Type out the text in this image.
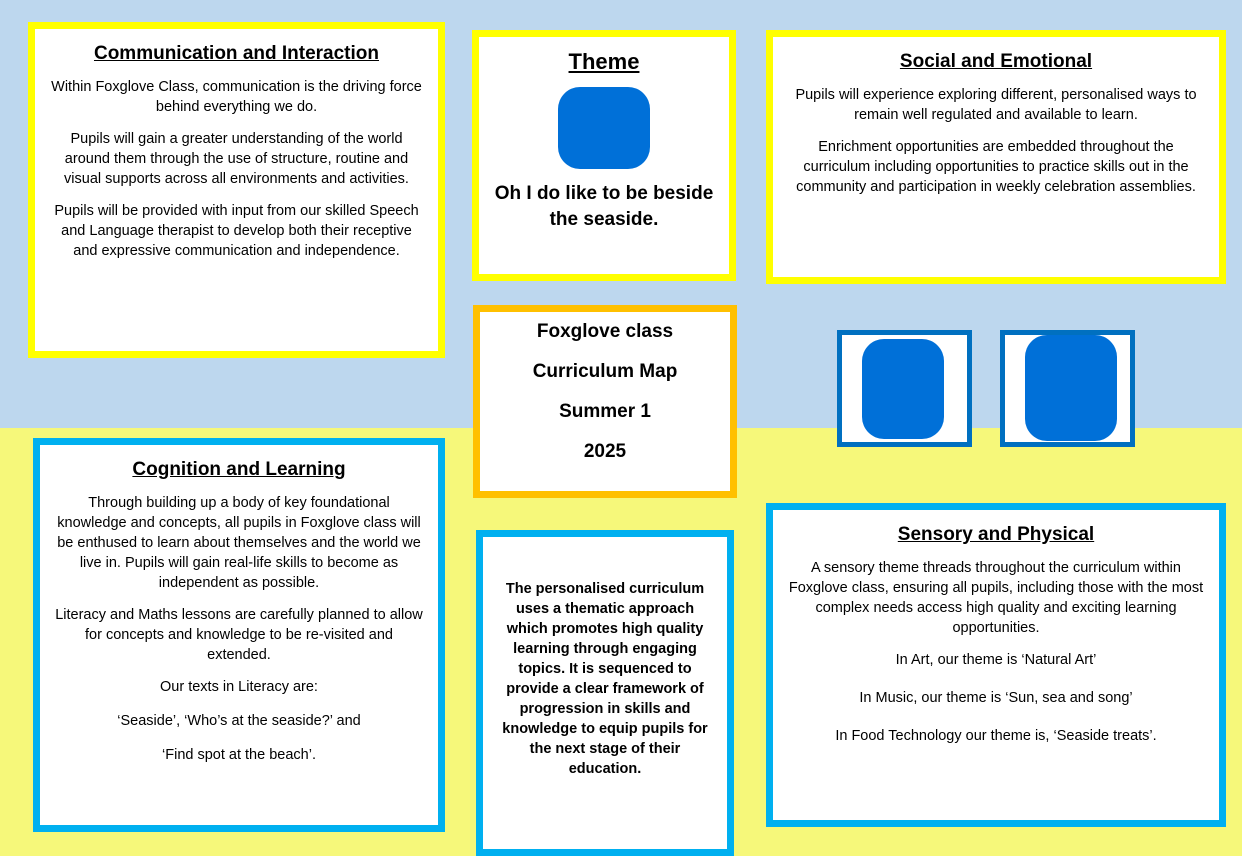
Communication and Interaction

Within Foxglove Class, communication is the driving force behind everything we do.

Pupils will gain a greater understanding of the world around them through the use of structure, routine and visual supports across all environments and activities.

Pupils will be provided with input from our skilled Speech and Language therapist to develop both their receptive and expressive communication and independence.

Theme

Oh I do like to be beside the seaside.

Social and Emotional

Pupils will experience exploring different, personalised ways to remain well regulated and available to learn.

Enrichment opportunities are embedded throughout the curriculum including opportunities to practice skills out in the community and participation in weekly celebration assemblies.

Foxglove class

Curriculum Map

Summer 1

2025

Cognition and Learning

Through building up a body of key foundational knowledge and concepts, all pupils in Foxglove class will be enthused to learn about themselves and the world we live in. Pupils will gain real-life skills to become as independent as possible.

Literacy and Maths lessons are carefully planned to allow for concepts and knowledge to be re-visited and extended.

Our texts in Literacy are:

‘Seaside’, ‘Who’s at the seaside?’ and

‘Find spot at the beach’.

The personalised curriculum uses a thematic approach which promotes high quality learning through engaging topics. It is sequenced to provide a clear framework of progression in skills and knowledge to equip pupils for the next stage of their education.

Sensory and Physical

A sensory theme threads throughout the curriculum within Foxglove class, ensuring all pupils, including those with the most complex needs access high quality and exciting learning opportunities.

In Art, our theme is ‘Natural Art’

In Music, our theme is ‘Sun, sea and song’

In Food Technology our theme is, ‘Seaside treats’.
